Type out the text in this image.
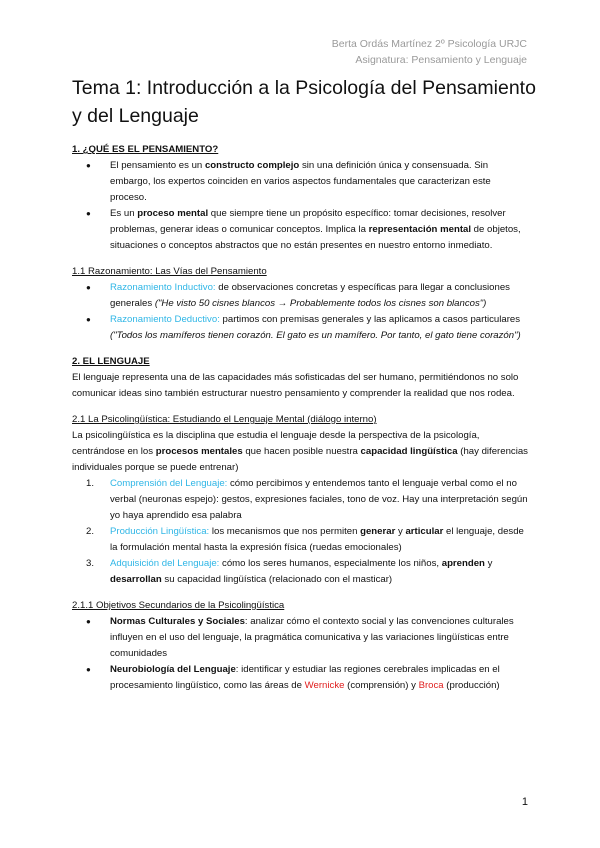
Berta Ordás Martínez 2º Psicología URJC
Asignatura: Pensamiento y Lenguaje
Tema 1: Introducción a la Psicología del Pensamiento y del Lenguaje

1. ¿QUÉ ES EL PENSAMIENTO?

● El pensamiento es un constructo complejo sin una definición única y consensuada. Sin embargo, los expertos coinciden en varios aspectos fundamentales que caracterizan este proceso.
● Es un proceso mental que siempre tiene un propósito específico: tomar decisiones, resolver problemas, generar ideas o comunicar conceptos. Implica la representación mental de objetos, situaciones o conceptos abstractos que no están presentes en nuestro entorno inmediato.

1.1 Razonamiento: Las Vías del Pensamiento

● Razonamiento Inductivo: de observaciones concretas y específicas para llegar a conclusiones generales ("He visto 50 cisnes blancos → Probablemente todos los cisnes son blancos")
● Razonamiento Deductivo: partimos con premisas generales y las aplicamos a casos particulares ("Todos los mamíferos tienen corazón. El gato es un mamífero. Por tanto, el gato tiene corazón")

2. EL LENGUAJE

El lenguaje representa una de las capacidades más sofisticadas del ser humano, permitiéndonos no solo comunicar ideas sino también estructurar nuestro pensamiento y comprender la realidad que nos rodea.

2.1 La Psicolingüística: Estudiando el Lenguaje Mental (diálogo interno)

La psicolingüística es la disciplina que estudia el lenguaje desde la perspectiva de la psicología, centrándose en los procesos mentales que hacen posible nuestra capacidad lingüística (hay diferencias individuales porque se puede entrenar)

1. Comprensión del Lenguaje: cómo percibimos y entendemos tanto el lenguaje verbal como el no verbal (neuronas espejo): gestos, expresiones faciales, tono de voz. Hay una interpretación según yo haya aprendido esa palabra
2. Producción Lingüística: los mecanismos que nos permiten generar y articular el lenguaje, desde la formulación mental hasta la expresión física (ruedas emocionales)
3. Adquisición del Lenguaje: cómo los seres humanos, especialmente los niños, aprenden y desarrollan su capacidad lingüística (relacionado con el masticar)

2.1.1 Objetivos Secundarios de la Psicolingüística

● Normas Culturales y Sociales: analizar cómo el contexto social y las convenciones culturales influyen en el uso del lenguaje, la pragmática comunicativa y las variaciones lingüísticas entre comunidades
● Neurobiología del Lenguaje: identificar y estudiar las regiones cerebrales implicadas en el procesamiento lingüístico, como las áreas de Wernicke (comprensión) y Broca (producción)
1
